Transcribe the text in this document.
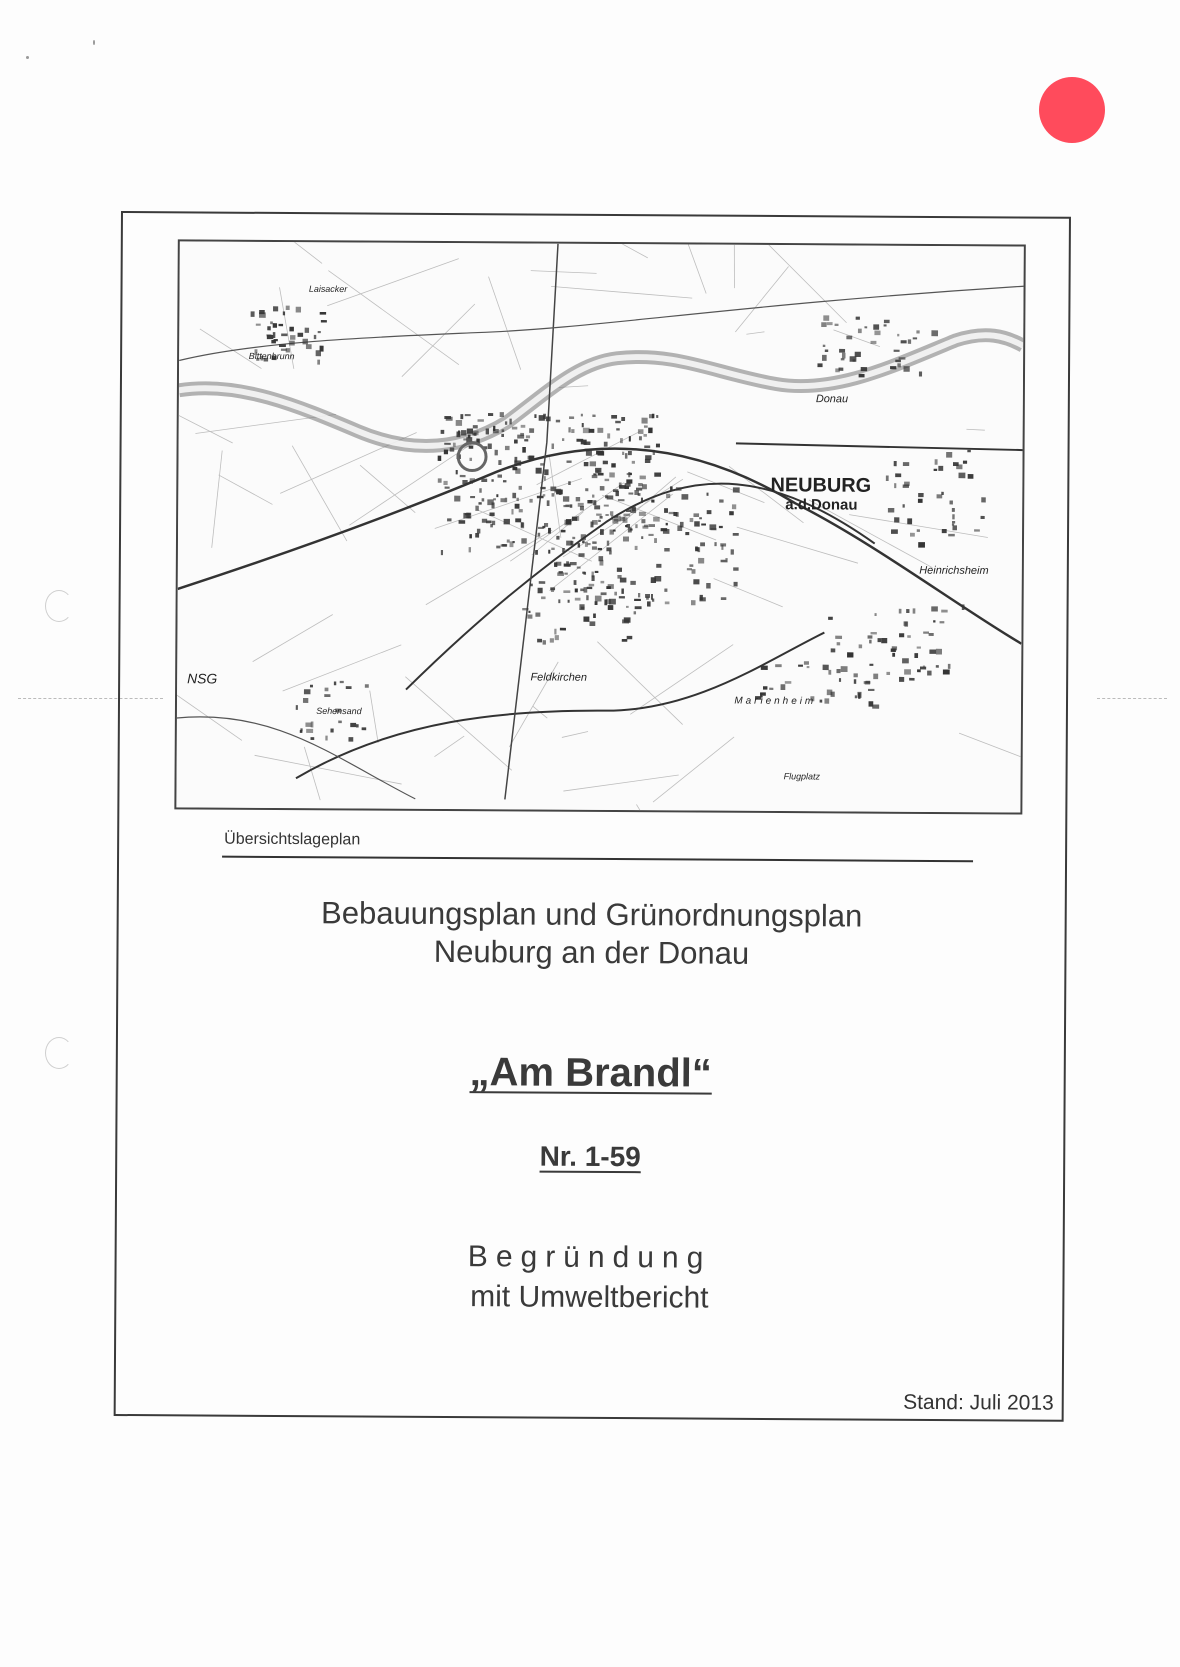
NEUBURG
a.d.Donau
Heinrichsheim
Feldkirchen
Donau
Bittenbrunn
Laisacker
NSG
Sehensand
Flugplatz
Marienheim
Übersichtslageplan
Bebauungsplan und Grünordnungsplan
Neuburg an der Donau
„Am Brandl“
Nr. 1-59
Begründung
mit Umweltbericht
Stand: Juli 2013
